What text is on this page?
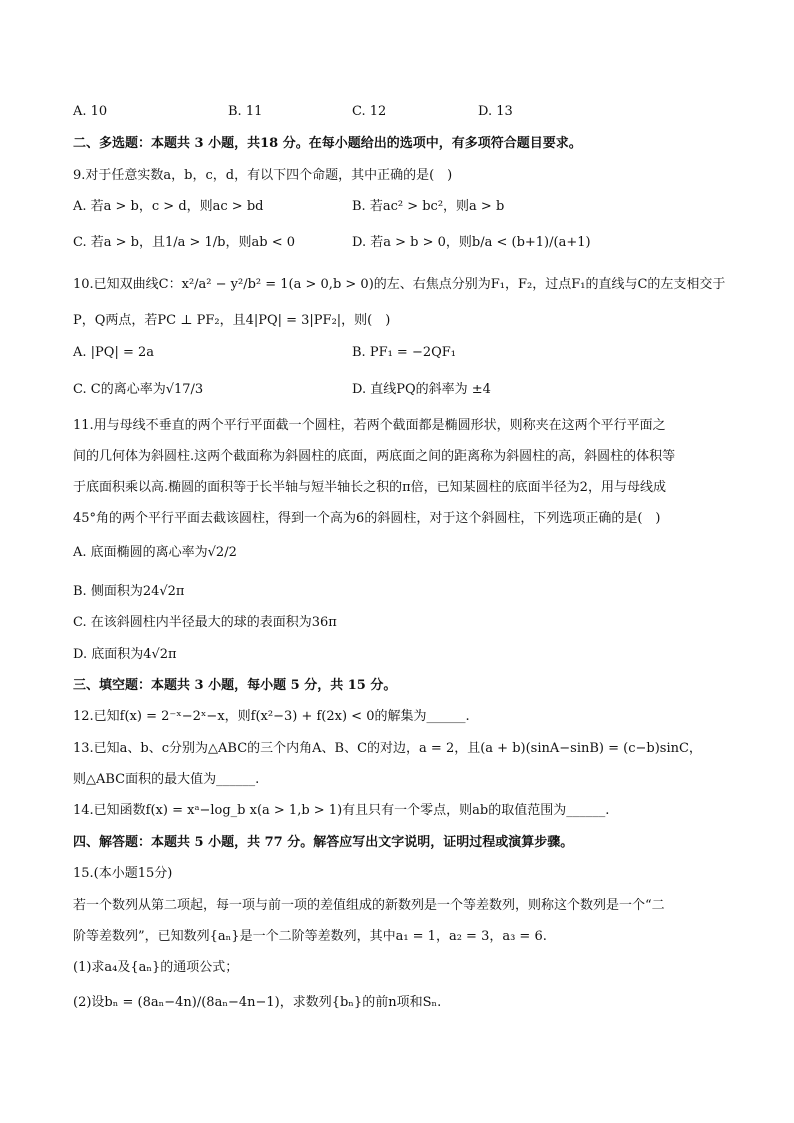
A. 10	B. 11	C. 12	D. 13
二、多选题：本题共 3 小题，共18 分。在每小题给出的选项中，有多项符合题目要求。
9.对于任意实数a，b，c，d，有以下四个命题，其中正确的是(　)
A. 若a > b，c > d，则ac > bd	B. 若ac² > bc²，则a > b
C. 若a > b，且1/a > 1/b，则ab < 0	D. 若a > b > 0，则b/a < (b+1)/(a+1)
10.已知双曲线C：x²/a² − y²/b² = 1(a > 0,b > 0)的左、右焦点分别为F₁，F₂，过点F₁的直线与C的左支相交于
P，Q两点，若PC ⊥ PF₂，且4|PQ| = 3|PF₂|，则(　)
A. |PQ| = 2a	B. PF₁ = −2QF₁
C. C的离心率为√17/3	D. 直线PQ的斜率为 ±4
11.用与母线不垂直的两个平行平面截一个圆柱，若两个截面都是椭圆形状，则称夹在这两个平行平面之
间的几何体为斜圆柱.这两个截面称为斜圆柱的底面，两底面之间的距离称为斜圆柱的高，斜圆柱的体积等
于底面积乘以高.椭圆的面积等于长半轴与短半轴长之积的π倍，已知某圆柱的底面半径为2，用与母线成
45°角的两个平行平面去截该圆柱，得到一个高为6的斜圆柱，对于这个斜圆柱，下列选项正确的是(　)
A. 底面椭圆的离心率为√2/2
B. 侧面积为24√2π
C. 在该斜圆柱内半径最大的球的表面积为36π
D. 底面积为4√2π
三、填空题：本题共 3 小题，每小题 5 分，共 15 分。
12.已知f(x) = 2⁻ˣ−2ˣ−x，则f(x²−3) + f(2x) < 0的解集为______.
13.已知a、b、c分别为△ABC的三个内角A、B、C的对边，a = 2，且(a + b)(sinA−sinB) = (c−b)sinC，
则△ABC面积的最大值为______.
14.已知函数f(x) = xᵃ−log_b x(a > 1,b > 1)有且只有一个零点，则ab的取值范围为______.
四、解答题：本题共 5 小题，共 77 分。解答应写出文字说明，证明过程或演算步骤。
15.(本小题15分)
若一个数列从第二项起，每一项与前一项的差值组成的新数列是一个等差数列，则称这个数列是一个“二
阶等差数列”，已知数列{aₙ}是一个二阶等差数列，其中a₁ = 1，a₂ = 3，a₃ = 6.
(1)求a₄及{aₙ}的通项公式；
(2)设bₙ = (8aₙ−4n)/(8aₙ−4n−1)，求数列{bₙ}的前n项和Sₙ.
